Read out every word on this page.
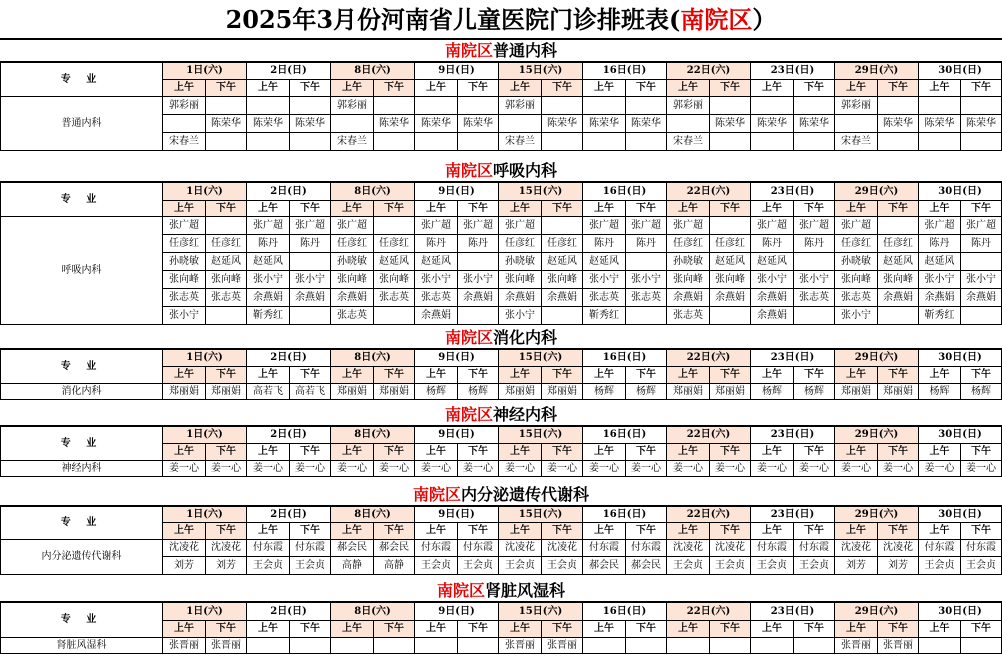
2025年3月份河南省儿童医院门诊排班表(南院区）
南院区普通内科
专 业	1日(六)		2日(日)		8日(六)		9日(日)		15日(六)		16日(日)		22日(六)		23日(日)		29日(六)		30日(日)	
	上午	下午	上午	下午	上午	下午	上午	下午	上午	下午	上午	下午	上午	下午	上午	下午	上午	下午	上午	下午
普通内科	郭彩丽				郭彩丽				郭彩丽				郭彩丽				郭彩丽			
		陈荣华	陈荣华	陈荣华		陈荣华	陈荣华	陈荣华		陈荣华	陈荣华	陈荣华		陈荣华	陈荣华	陈荣华		陈荣华	陈荣华	陈荣华
	宋春兰				宋春兰				宋春兰				宋春兰				宋春兰			
南院区呼吸内科
专 业	1日(六)		2日(日)		8日(六)		9日(日)		15日(六)		16日(日)		22日(六)		23日(日)		29日(六)		30日(日)	
	上午	下午	上午	下午	上午	下午	上午	下午	上午	下午	上午	下午	上午	下午	上午	下午	上午	下午	上午	下午
呼吸内科	张广超		张广超	张广超	张广超		张广超	张广超	张广超		张广超	张广超	张广超		张广超	张广超	张广超		张广超	张广超
	任彦红	任彦红	陈丹	陈丹	任彦红	任彦红	陈丹	陈丹	任彦红	任彦红	陈丹	陈丹	任彦红	任彦红	陈丹	陈丹	任彦红	任彦红	陈丹	陈丹
	孙晓敏	赵延风	赵延风		孙晓敏	赵延风	赵延风		孙晓敏	赵延风	赵延风		孙晓敏	赵延风	赵延风		孙晓敏	赵延风	赵延风	
	张向峰	张向峰	张小宁	张小宁	张向峰	张向峰	张小宁	张小宁	张向峰	张向峰	张小宁	张小宁	张向峰	张向峰	张小宁	张小宁	张向峰	张向峰	张小宁	张小宁
	张志英	张志英	余燕娟	余燕娟	余燕娟	张志英	张志英	余燕娟	余燕娟	余燕娟	张志英	张志英	余燕娟	余燕娟	余燕娟	张志英	张志英	余燕娟	余燕娟	余燕娟
	张小宁		靳秀红		张志英		余燕娟		张小宁		靳秀红		张志英		余燕娟		张小宁		靳秀红	
南院区消化内科
专 业	1日(六)		2日(日)		8日(六)		9日(日)		15日(六)		16日(日)		22日(六)		23日(日)		29日(六)		30日(日)	
	上午	下午	上午	下午	上午	下午	上午	下午	上午	下午	上午	下午	上午	下午	上午	下午	上午	下午	上午	下午
消化内科	郑丽娟	郑丽娟	高若飞	高若飞	郑丽娟	郑丽娟	杨辉	杨辉	郑丽娟	郑丽娟	杨辉	杨辉	郑丽娟	郑丽娟	杨辉	杨辉	郑丽娟	郑丽娟	杨辉	杨辉
南院区神经内科
专 业	1日(六)		2日(日)		8日(六)		9日(日)		15日(六)		16日(日)		22日(六)		23日(日)		29日(六)		30日(日)	
	上午	下午	上午	下午	上午	下午	上午	下午	上午	下午	上午	下午	上午	下午	上午	下午	上午	下午	上午	下午
神经内科	姜一心	姜一心	姜一心	姜一心	姜一心	姜一心	姜一心	姜一心	姜一心	姜一心	姜一心	姜一心	姜一心	姜一心	姜一心	姜一心	姜一心	姜一心	姜一心	姜一心
南院区内分泌遗传代谢科
专 业	1日(六)		2日(日)		8日(六)		9日(日)		15日(六)		16日(日)		22日(六)		23日(日)		29日(六)		30日(日)	
	上午	下午	上午	下午	上午	下午	上午	下午	上午	下午	上午	下午	上午	下午	上午	下午	上午	下午	上午	下午
内分泌遗传代谢科	沈凌花	沈凌花	付东霞	付东霞	郝会民	郝会民	付东霞	付东霞	沈凌花	沈凌花	付东霞	付东霞	沈凌花	沈凌花	付东霞	付东霞	沈凌花	沈凌花	付东霞	付东霞
	刘芳	刘芳	王会贞	王会贞	高静	高静	王会贞	王会贞	王会贞	王会贞	郝会民	郝会民	王会贞	王会贞	王会贞	王会贞	刘芳	刘芳	王会贞	王会贞
南院区肾脏风湿科
专 业	1日(六)		2日(日)		8日(六)		9日(日)		15日(六)		16日(日)		22日(六)		23日(日)		29日(六)		30日(日)	
	上午	下午	上午	下午	上午	下午	上午	下午	上午	下午	上午	下午	上午	下午	上午	下午	上午	下午	上午	下午
肾脏风湿科	张晋丽	张晋丽							张晋丽	张晋丽							张晋丽	张晋丽		
